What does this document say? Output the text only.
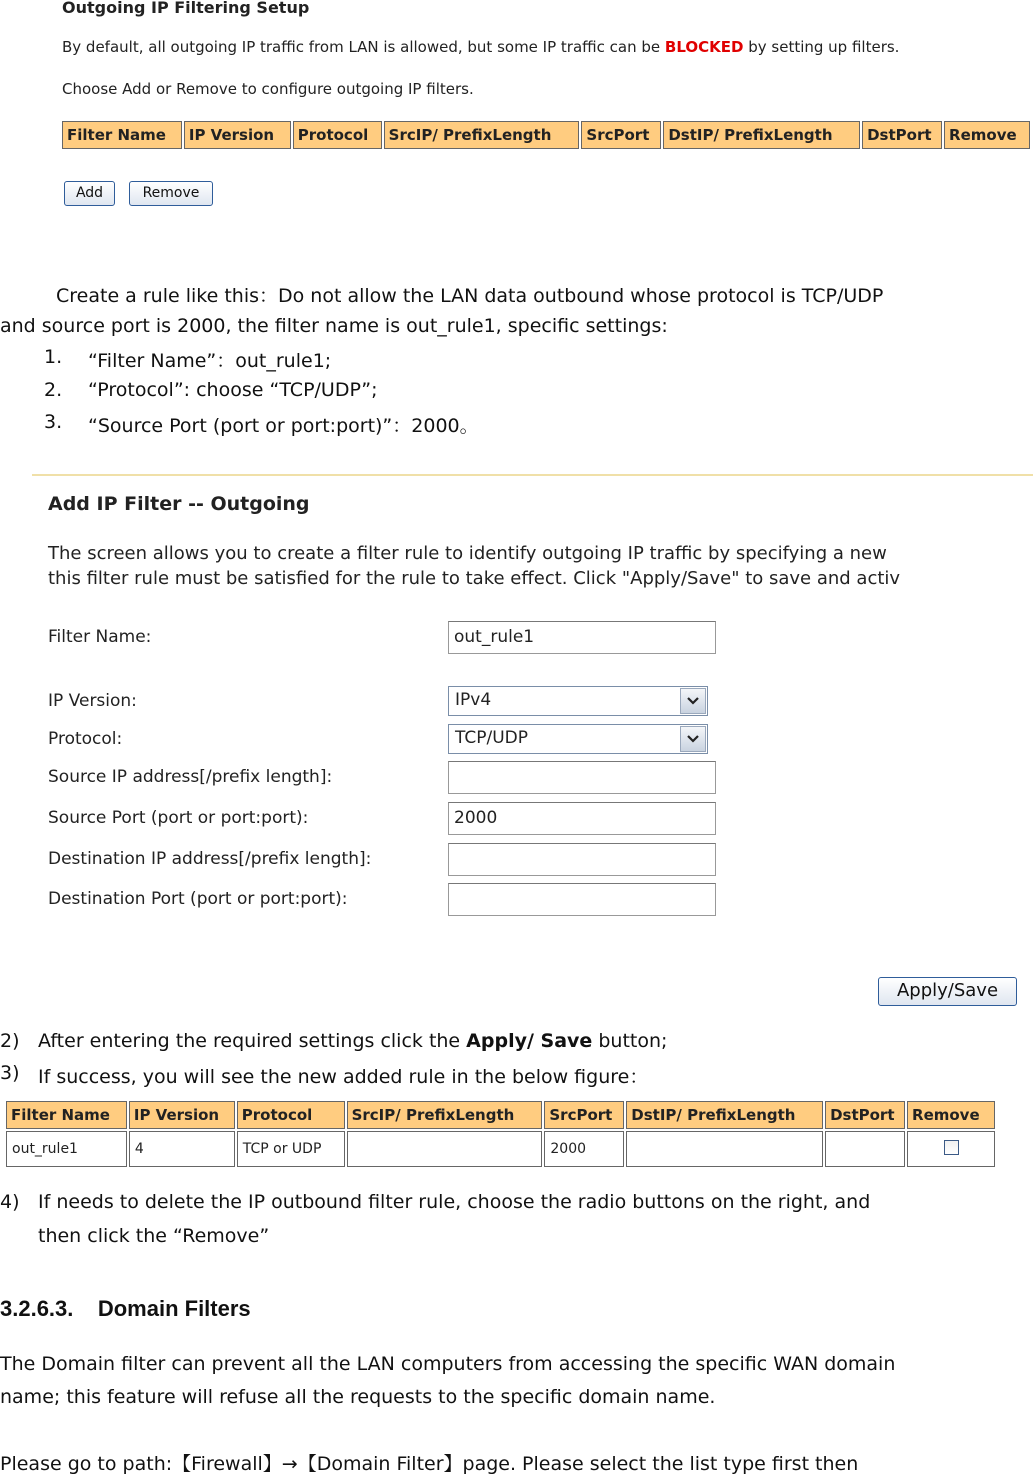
Outgoing IP Filtering Setup
By default, all outgoing IP traffic from LAN is allowed, but some IP traffic can be BLOCKED by setting up filters.
Choose Add or Remove to configure outgoing IP filters.
Filter Name	IP Version	Protocol	SrcIP/ PrefixLength	SrcPort	DstIP/ PrefixLength	DstPort	Remove
Add	Remove
Create a rule like this：Do not allow the LAN data outbound whose protocol is TCP/UDP
and source port is 2000, the filter name is out_rule1, specific settings:
1. “Filter Name”：out_rule1;
2. “Protocol”: choose “TCP/UDP”;
3. “Source Port (port or port:port)”：2000。
Add IP Filter -- Outgoing
The screen allows you to create a filter rule to identify outgoing IP traffic by specifying a new
this filter rule must be satisfied for the rule to take effect. Click "Apply/Save" to save and activ
Filter Name:	out_rule1
IP Version:	IPv4
Protocol:	TCP/UDP
Source IP address[/prefix length]:
Source Port (port or port:port):	2000
Destination IP address[/prefix length]:
Destination Port (port or port:port):
Apply/Save
2) After entering the required settings click the Apply/ Save button;
3) If success, you will see the new added rule in the below figure：
Filter Name	IP Version	Protocol	SrcIP/ PrefixLength	SrcPort	DstIP/ PrefixLength	DstPort	Remove
out_rule1	4	TCP or UDP		2000			
4) If needs to delete the IP outbound filter rule, choose the radio buttons on the right, and
then click the “Remove”
3.2.6.3.    Domain Filters
The Domain filter can prevent all the LAN computers from accessing the specific WAN domain
name; this feature will refuse all the requests to the specific domain name.
Please go to path:【Firewall】→【Domain Filter】page. Please select the list type first then
